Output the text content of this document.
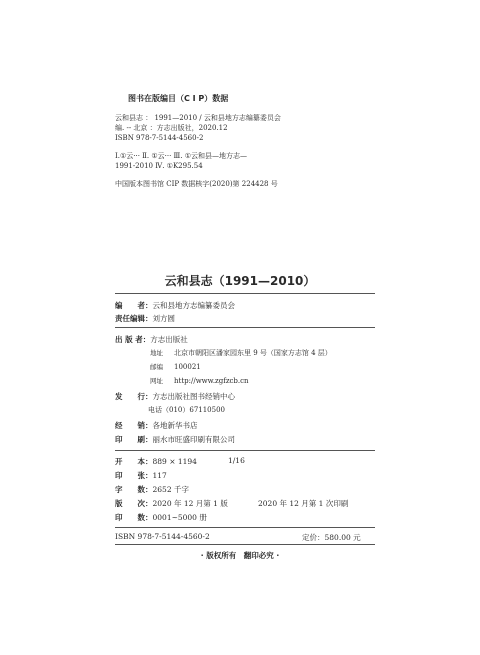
图书在版编目（C I P）数据
云和县志 ： 1991—2010 / 云和县地方志编纂委员会
编. -- 北京 ：方志出版社，2020.12
ISBN 978-7-5144-4560-2
Ⅰ.①云··· Ⅱ. ①云··· Ⅲ. ①云和县—地方志—
1991-2010 Ⅳ. ①K295.54
中国版本图书馆 CIP 数据核字(2020)第 224428 号
云和县志（1991—2010）
编　　者：云和县地方志编纂委员会
责任编辑：刘方圆
出 版 者：方志出版社
地址 北京市朝阳区潘家园东里 9 号（国家方志馆 4 层）
邮编 100021
网址 http://www.zgfzcb.cn
发　　行：方志出版社图书经销中心
电话（010）67110500
经　　销：各地新华书店
印　　刷：丽水市旺盛印刷有限公司
开　　本：889 × 1194	1/16
印　　张：117
字　　数：2652 千字
版　　次：2020 年 12 月第 1 版	2020 年 12 月第 1 次印刷
印　　数：0001~5000 册
ISBN 978-7-5144-4560-2	定价：580.00 元
· 版权所有　翻印必究 ·
